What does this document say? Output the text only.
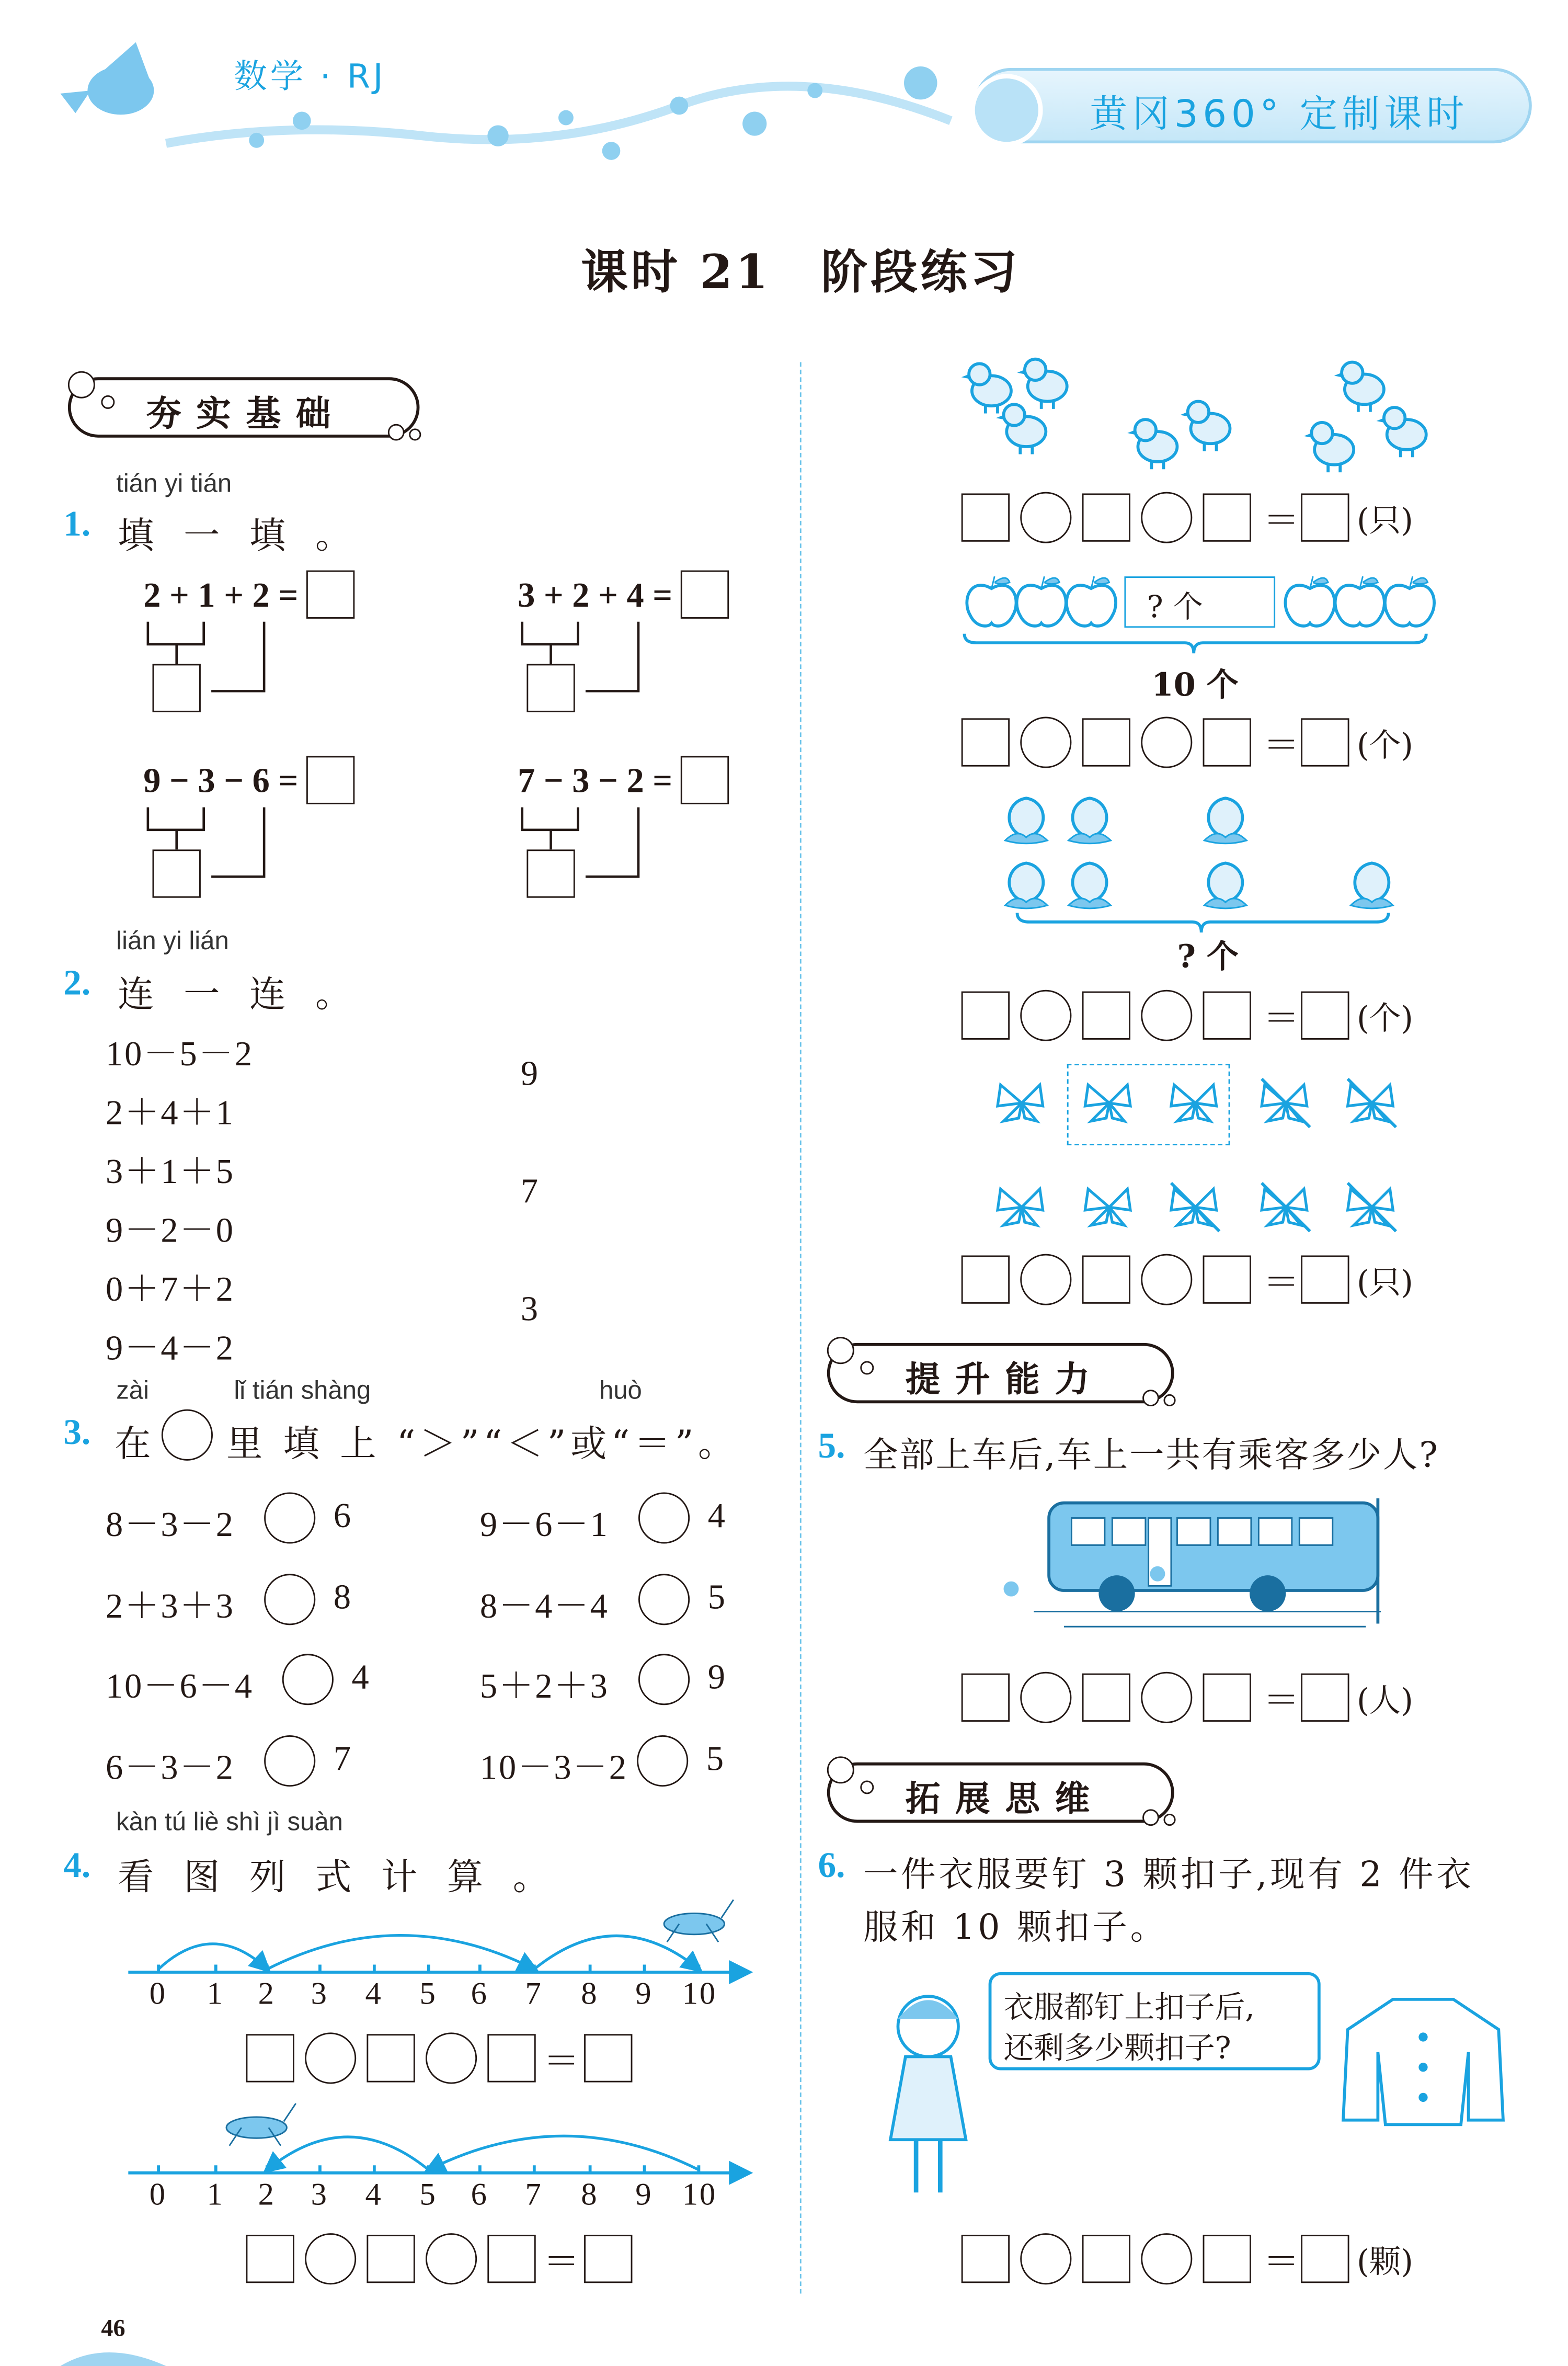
数学 · RJ
黄冈360° 定制课时
课时 21　阶段练习
夯实基础
提升能力
拓展思维
tián yi tián
1. 填 一 填 。
lián yi lián
2. 连 一 连 。
zài	lǐ tián shàng	huò
3. 在	里 填 上 “＞”“＜”或“＝”。
kàn tú liè shì jì suàn
4. 看 图 列 式 计 算 。
? 个
10 个
? 个
5. 全部上车后,车上一共有乘客多少人?
6. 一件衣服要钉 3 颗扣子,现有 2 件衣
服和 10 颗扣子。
衣服都钉上扣子后,
还剩多少颗扣子?
46
2 + 1 + 2 =	3 + 2 + 4 =
9 − 3 − 6 =	7 − 3 − 2 =
10－5－2
2＋4＋1
3＋1＋5
9－2－0
0＋7＋2
9－4－2
9
7
3
8－3－2	6	9－6－1	4
2＋3＋3	8	8－4－4	5
10－6－4	4	5＋2＋3	9
6－3－2	7	10－3－2	5
0	1	2	3	4	5	6	7	8	9	10
0	1	2	3	4	5	6	7	8	9	10
＝
＝
＝	(只)
＝	(个)
＝	(个)
＝	(只)
＝	(人)
＝	(颗)
